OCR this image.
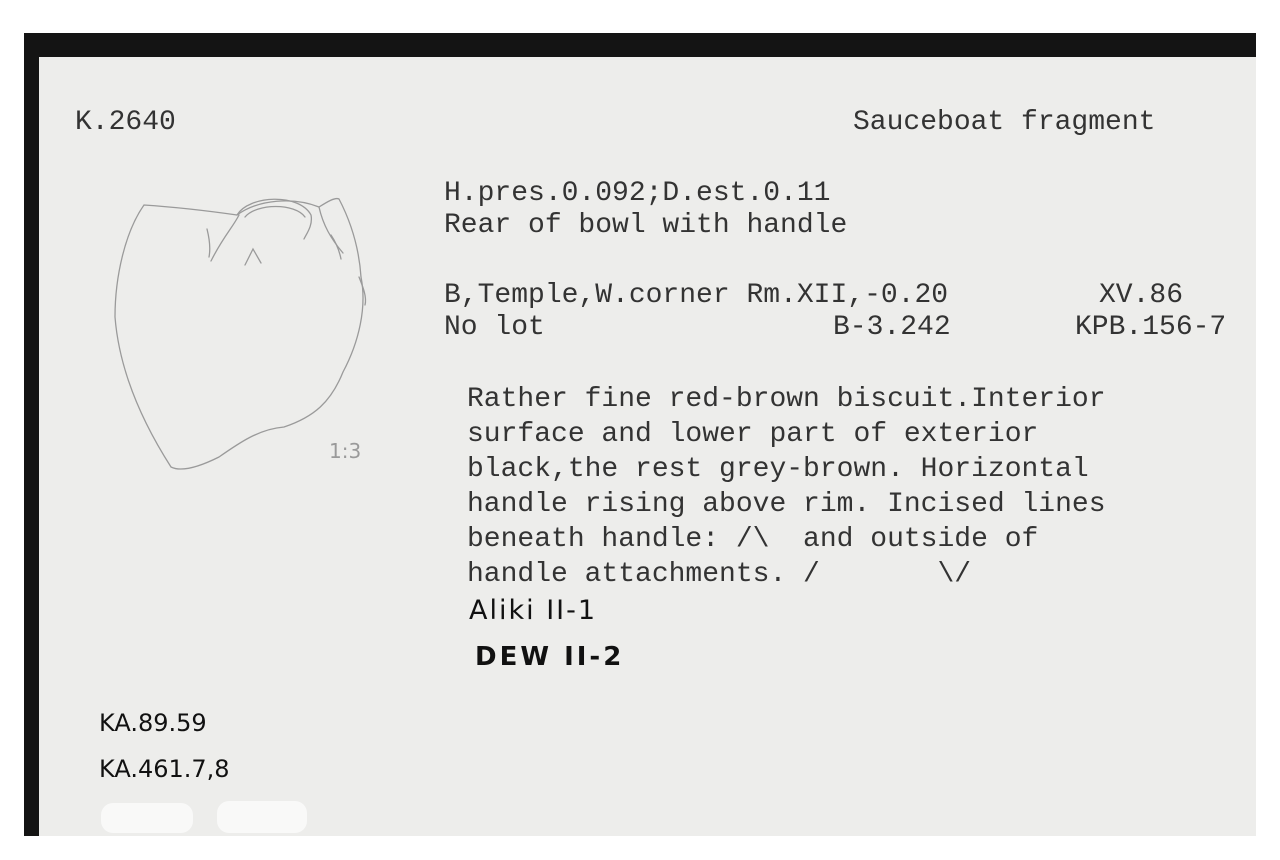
K.2640	Sauceboat fragment
H.pres.0.092;D.est.0.11
Rear of bowl with handle
B,Temple,W.corner Rm.XII,-0.20	XV.86
No lot	B-3.242	KPB.156-7
Rather fine red-brown biscuit.Interior
surface and lower part of exterior
black,the rest grey-brown. Horizontal
handle rising above rim. Incised lines
beneath handle: /\  and outside of
handle attachments. /       \/
Aliki II-1
DEW II-2
1:3
KA.89.59
KA.461.7,8
